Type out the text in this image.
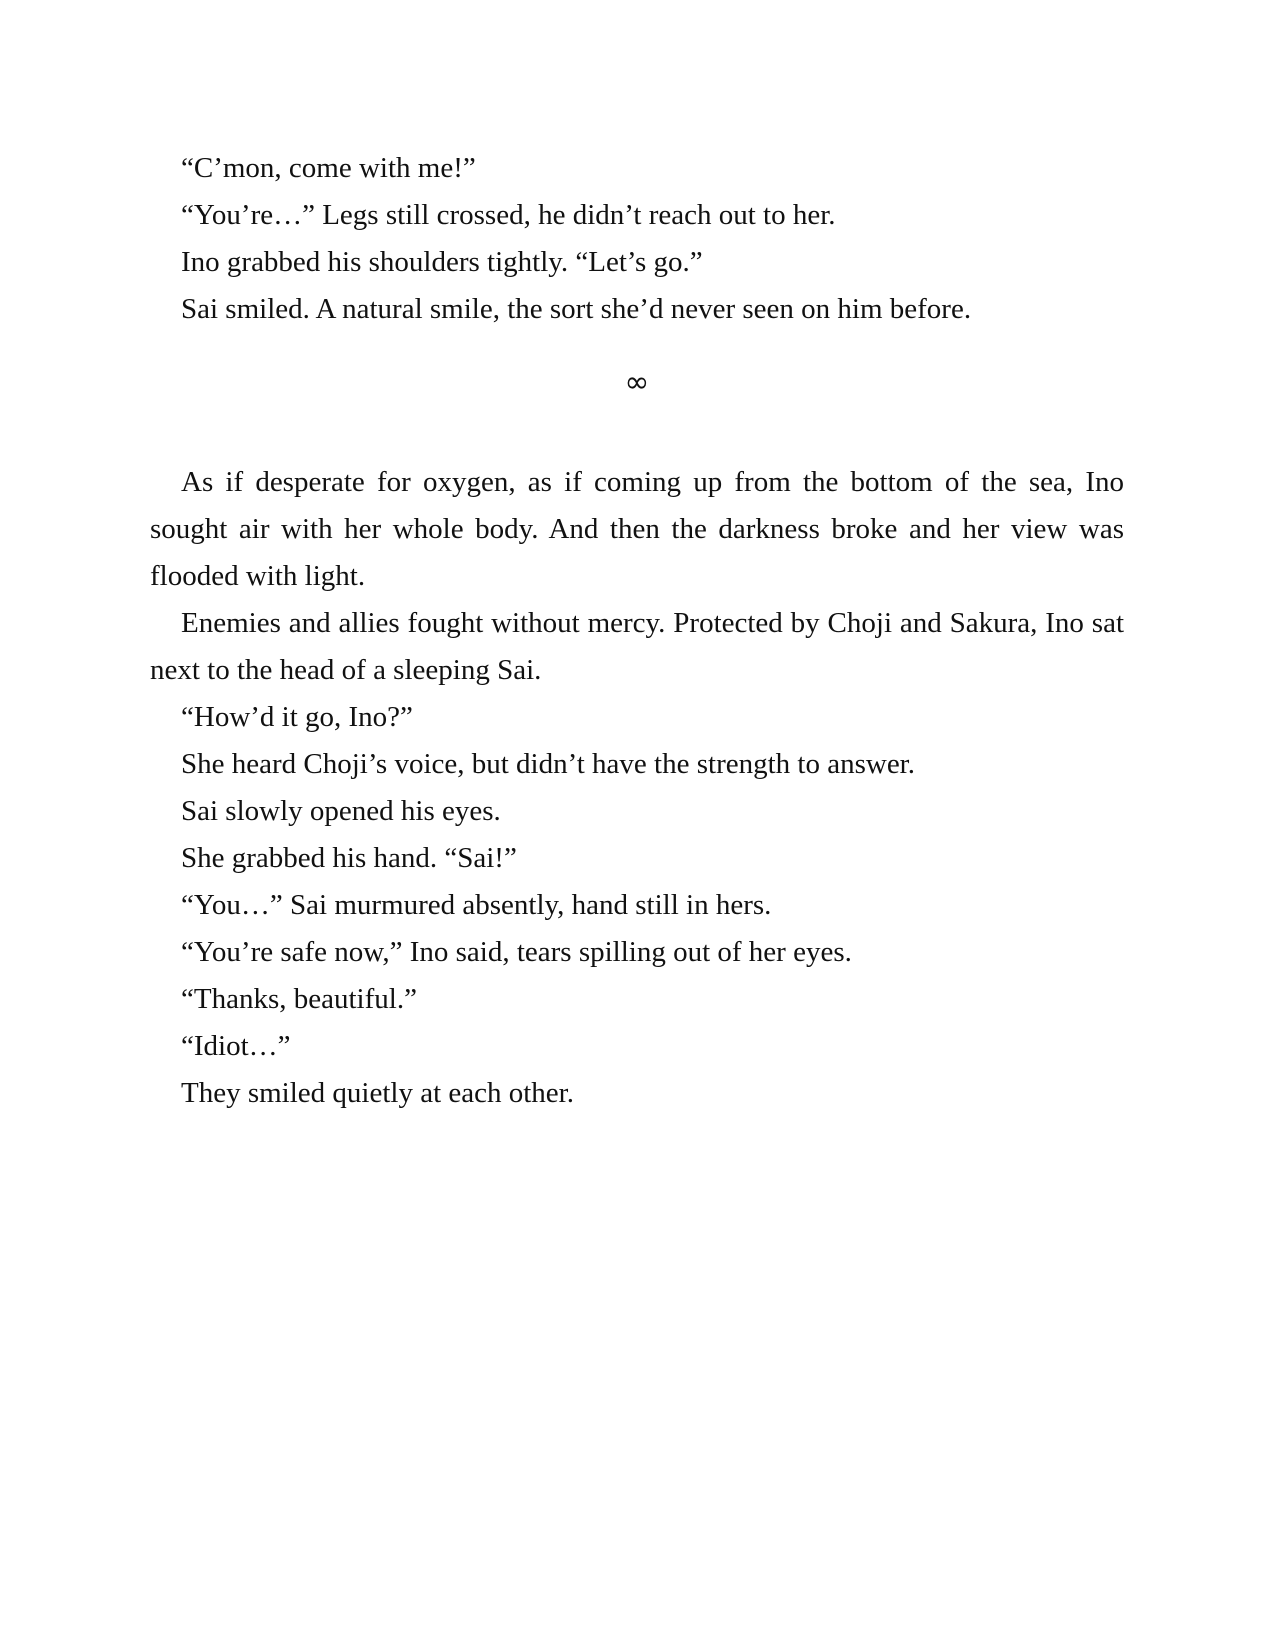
“C’mon, come with me!”

“You’re…” Legs still crossed, he didn’t reach out to her.

Ino grabbed his shoulders tightly. “Let’s go.”

Sai smiled. A natural smile, the sort she’d never seen on him before.

∞

As if desperate for oxygen, as if coming up from the bottom of the sea, Ino sought air with her whole body. And then the darkness broke and her view was flooded with light.

Enemies and allies fought without mercy. Protected by Choji and Sakura, Ino sat next to the head of a sleeping Sai.

“How’d it go, Ino?”

She heard Choji’s voice, but didn’t have the strength to answer.

Sai slowly opened his eyes.

She grabbed his hand. “Sai!”

“You…” Sai murmured absently, hand still in hers.

“You’re safe now,” Ino said, tears spilling out of her eyes.

“Thanks, beautiful.”

“Idiot…”

They smiled quietly at each other.
